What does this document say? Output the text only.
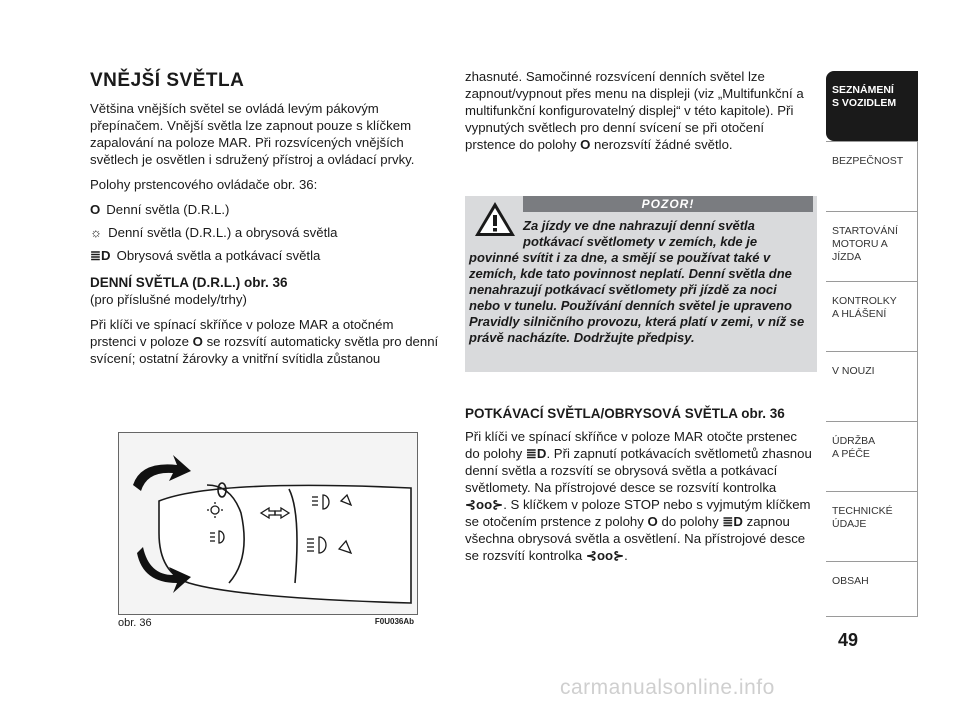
VNĚJŠÍ SVĚTLA

Většina vnějších světel se ovládá levým pákovým přepínačem. Vnější světla lze zapnout pouze s klíčkem zapalování na poloze MAR. Při rozsvícených vnějších světlech je osvětlen i sdružený přístroj a ovládací prvky.

Polohy prstencového ovládače obr. 36:

O Denní světla (D.R.L.)
☼ Denní světla (D.R.L.) a obrysová světla
≣D Obrysová světla a potkávací světla
DENNÍ SVĚTLA (D.R.L.) obr. 36

(pro příslušné modely/trhy)

Při klíči ve spínací skříňce v poloze MAR a otočném prstenci v poloze O se rozsvítí automaticky světla pro denní svícení; ostatní žárovky a vnitřní svítidla zůstanou

zhasnuté. Samočinné rozsvícení denních světel lze zapnout/vypnout přes menu na displeji (viz „Multifunkční a multifunkční konfigurovatelný displej“ v této kapitole). Při vypnutých světlech pro denní svícení se při otočení prstence do polohy O nerozsvítí žádné světlo.

POZOR!
Za jízdy ve dne nahrazují denní světla potkávací světlomety v zemích, kde je
povinné svítit i za dne, a smějí se používat také v zemích, kde tato povinnost neplatí. Denní světla dne nenahrazují potkávací světlomety při jízdě za noci nebo v tunelu. Používání denních světel je upraveno Pravidly silničního provozu, která platí v zemi, v níž se právě nacházíte. Dodržujte předpisy.
POTKÁVACÍ SVĚTLA/OBRYSOVÁ SVĚTLA obr. 36

Při klíči ve spínací skříňce v poloze MAR otočte prstenec do polohy ≣D. Při zapnutí potkávacích světlometů zhasnou denní světla a rozsvítí se obrysová světla a potkávací světlomety. Na přístrojové desce se rozsvítí kontrolka ⊰oo⊱. S klíčkem v poloze STOP nebo s vyjmutým klíčkem se otočením prstence z polohy O do polohy ≣D zapnou všechna obrysová světla a osvětlení. Na přístrojové desce se rozsvítí kontrolka ⊰oo⊱.

obr. 36	F0U036Ab
SEZNÁMENÍ
S VOZIDLEM
BEZPEČNOST
STARTOVÁNÍ
MOTORU A JÍZDA
KONTROLKY
A HLÁŠENÍ
V NOUZI
ÚDRŽBA
A PÉČE
TECHNICKÉ
ÚDAJE
OBSAH
49
carmanualsonline.info
